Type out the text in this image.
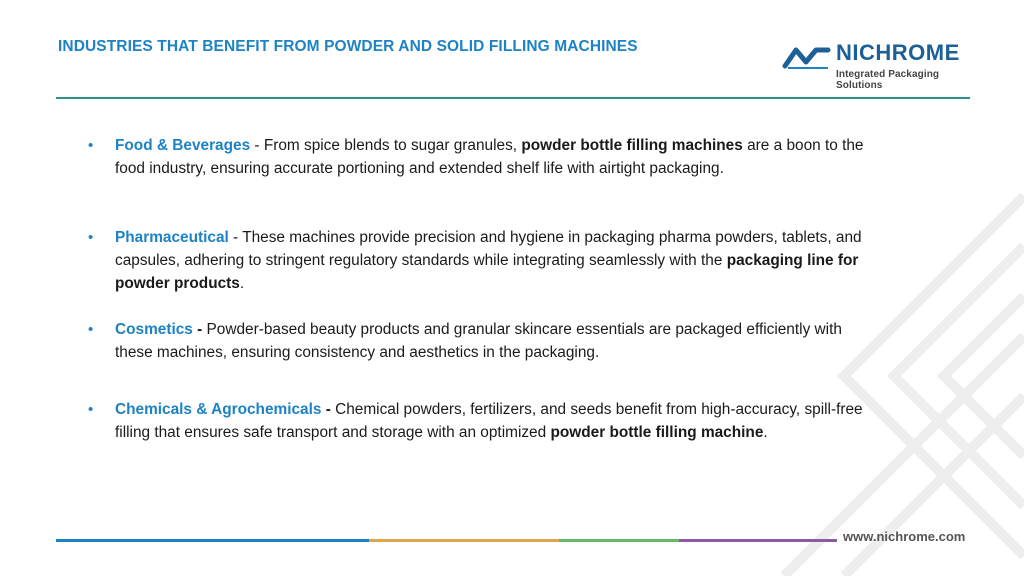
INDUSTRIES THAT BENEFIT FROM POWDER AND SOLID FILLING MACHINES	NICHROME
Integrated Packaging Solutions
• Food & Beverages - From spice blends to sugar granules, powder bottle filling machines are a boon to the food industry, ensuring accurate portioning and extended shelf life with airtight packaging.
• Pharmaceutical - These machines provide precision and hygiene in packaging pharma powders, tablets, and capsules, adhering to stringent regulatory standards while integrating seamlessly with the packaging line for powder products.
• Cosmetics - Powder-based beauty products and granular skincare essentials are packaged efficiently with these machines, ensuring consistency and aesthetics in the packaging.
• Chemicals & Agrochemicals - Chemical powders, fertilizers, and seeds benefit from high-accuracy, spill-free filling that ensures safe transport and storage with an optimized powder bottle filling machine.
www.nichrome.com
